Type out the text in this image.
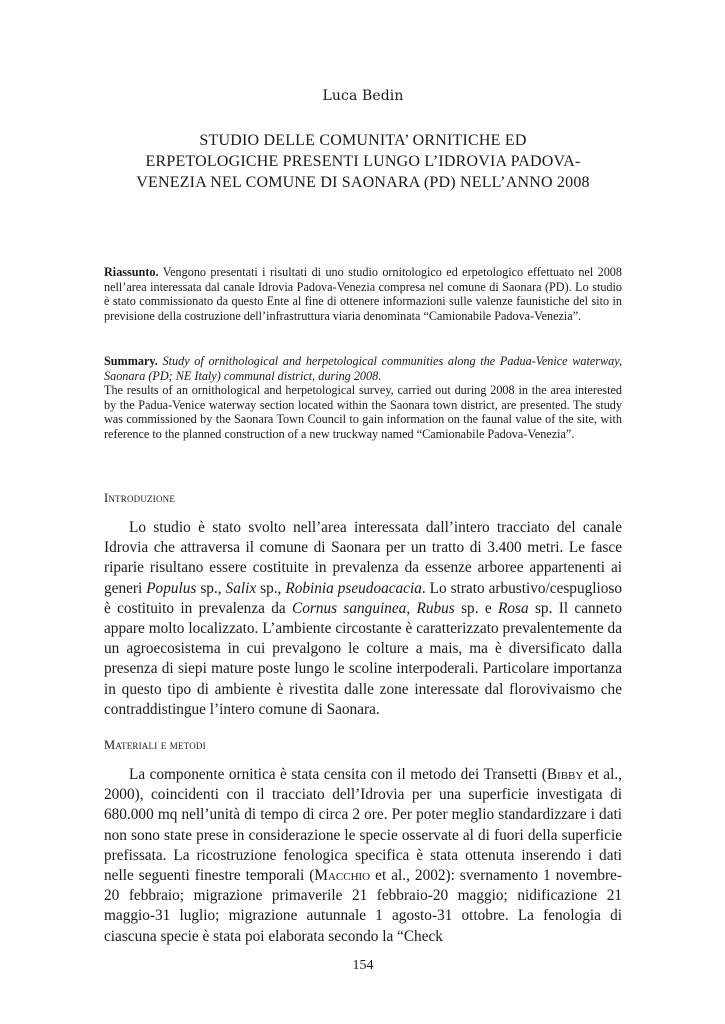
Luca Bedin
STUDIO DELLE COMUNITA’ ORNITICHE ED
ERPETOLOGICHE PRESENTI LUNGO L’IDROVIA PADOVA-
VENEZIA NEL COMUNE DI SAONARA (PD) NELL’ANNO 2008

Riassunto. Vengono presentati i risultati di uno studio ornitologico ed erpetologico effettuato nel 2008 nell’area interessata dal canale Idrovia Padova-Venezia compresa nel comune di Saonara (PD). Lo studio è stato commissionato da questo Ente al fine di ottenere informazioni sulle valenze faunistiche del sito in previsione della costruzione dell’infrastruttura viaria denominata “Camionabile Padova-Venezia”.

Summary. Study of ornithological and herpetological communities along the Padua-Venice waterway, Saonara (PD; NE Italy) communal district, during 2008.

The results of an ornithological and herpetological survey, carried out during 2008 in the area interested by the Padua-Venice waterway section located within the Saonara town district, are presented. The study was commissioned by the Saonara Town Council to gain information on the faunal value of the site, with reference to the planned construction of a new truckway named “Camionabile Padova-Venezia”.

Introduzione

Lo studio è stato svolto nell’area interessata dall’intero tracciato del canale Idrovia che attraversa il comune di Saonara per un tratto di 3.400 metri. Le fasce riparie risultano essere costituite in prevalenza da essenze arboree appartenenti ai generi Populus sp., Salix sp., Robinia pseudoacacia. Lo strato arbustivo/cespuglioso è costituito in prevalenza da Cornus sanguinea, Rubus sp. e Rosa sp. Il canneto appare molto localizzato. L’ambiente circostante è caratterizzato prevalentemente da un agroecosistema in cui prevalgono le colture a mais, ma è diversificato dalla presenza di siepi mature poste lungo le scoline interpoderali. Particolare importanza in questo tipo di ambiente è rivestita dalle zone interessate dal florovivaismo che contraddistingue l’intero comune di Saonara.

Materiali e metodi

La componente ornitica è stata censita con il metodo dei Transetti (Bibby et al., 2000), coincidenti con il tracciato dell’Idrovia per una superficie investigata di 680.000 mq nell’unità di tempo di circa 2 ore. Per poter meglio standardizzare i dati non sono state prese in considerazione le specie osservate al di fuori della superficie prefissata. La ricostruzione fenologica specifica è stata ottenuta inserendo i dati nelle seguenti finestre temporali (Macchio et al., 2002): svernamento 1 novembre-20 febbraio; migrazione primaverile 21 febbraio-20 maggio; nidificazione 21 maggio-31 luglio; migrazione autunnale 1 agosto-31 ottobre. La fenologia di ciascuna specie è stata poi elaborata secondo la “Check

154
